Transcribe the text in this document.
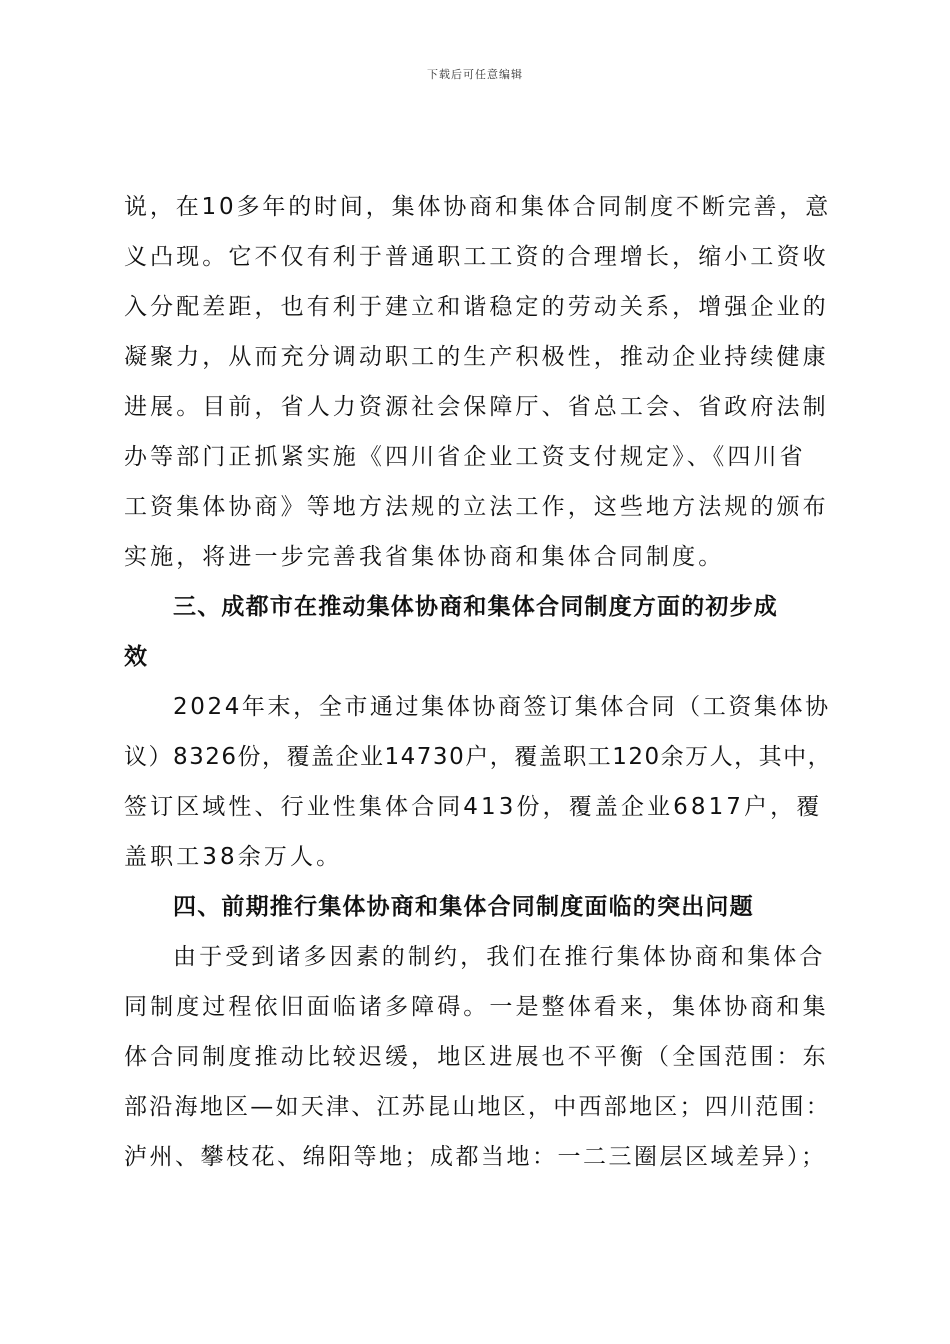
下载后可任意编辑
说，在10多年的时间，集体协商和集体合同制度不断完善，意
义凸现。它不仅有利于普通职工工资的合理增长，缩小工资收
入分配差距，也有利于建立和谐稳定的劳动关系，增强企业的
凝聚力，从而充分调动职工的生产积极性，推动企业持续健康
进展。目前，省人力资源社会保障厅、省总工会、省政府法制
办等部门正抓紧实施《四川省企业工资支付规定》、《四川省
工资集体协商》等地方法规的立法工作，这些地方法规的颁布
实施，将进一步完善我省集体协商和集体合同制度。
三、成都市在推动集体协商和集体合同制度方面的初步成
效
2024年末，全市通过集体协商签订集体合同（工资集体协
议）8326份，覆盖企业14730户，覆盖职工120余万人，其中，
签订区域性、行业性集体合同413份，覆盖企业6817户，覆
盖职工38余万人。
四、前期推行集体协商和集体合同制度面临的突出问题
由于受到诸多因素的制约，我们在推行集体协商和集体合
同制度过程依旧面临诸多障碍。一是整体看来，集体协商和集
体合同制度推动比较迟缓，地区进展也不平衡（全国范围：东
部沿海地区—如天津、江苏昆山地区，中西部地区；四川范围：
泸州、攀枝花、绵阳等地；成都当地：一二三圈层区域差异）；
